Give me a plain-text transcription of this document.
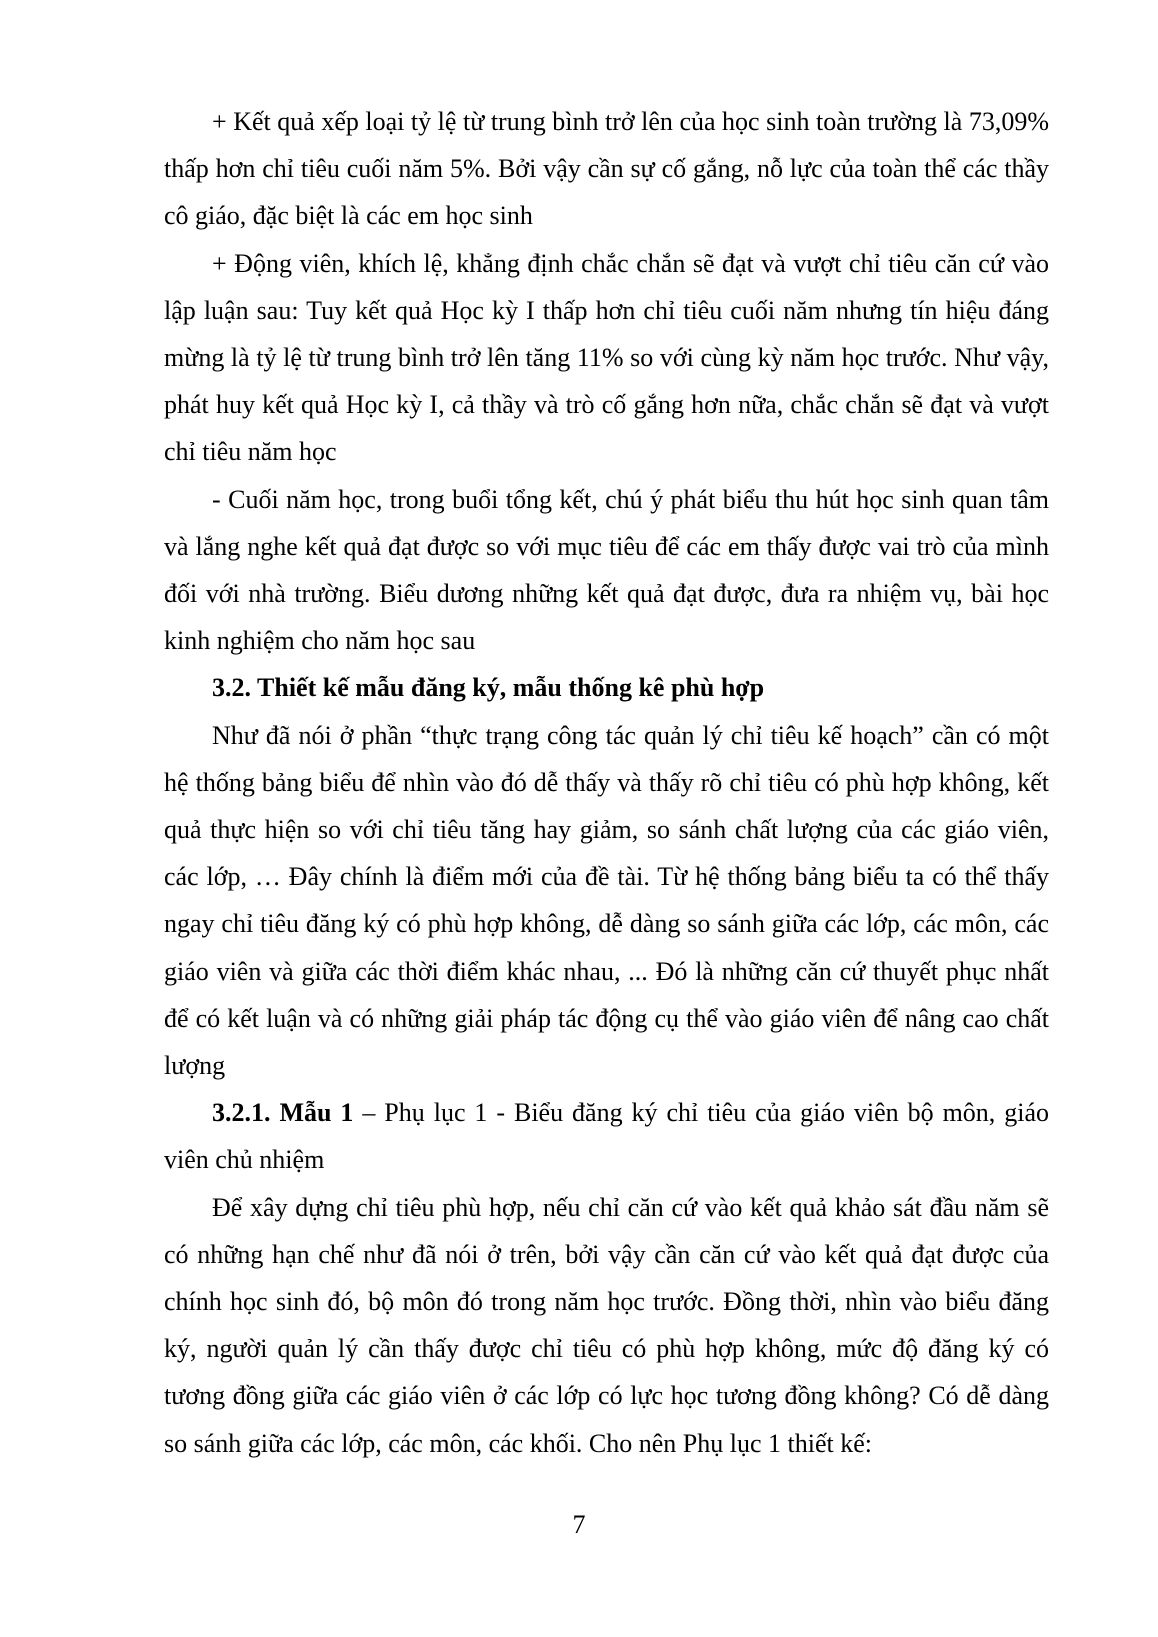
+ Kết quả xếp loại tỷ lệ từ trung bình trở lên của học sinh toàn trường là 73,09% thấp hơn chỉ tiêu cuối năm 5%. Bởi vậy cần sự cố gắng, nỗ lực của toàn thể các thầy cô giáo, đặc biệt là các em học sinh

+ Động viên, khích lệ, khẳng định chắc chắn sẽ đạt và vượt chỉ tiêu căn cứ vào lập luận sau: Tuy kết quả Học kỳ I thấp hơn chỉ tiêu cuối năm nhưng tín hiệu đáng mừng là tỷ lệ từ trung bình trở lên tăng 11% so với cùng kỳ năm học trước. Như vậy, phát huy kết quả Học kỳ I, cả thầy và trò cố gắng hơn nữa, chắc chắn sẽ đạt và vượt chỉ tiêu năm học

- Cuối năm học, trong buổi tổng kết, chú ý phát biểu thu hút học sinh quan tâm và lắng nghe kết quả đạt được so với mục tiêu để các em thấy được vai trò của mình đối với nhà trường. Biểu dương những kết quả đạt được, đưa ra nhiệm vụ, bài học kinh nghiệm cho năm học sau

3.2. Thiết kế mẫu đăng ký, mẫu thống kê phù hợp

Như đã nói ở phần “thực trạng công tác quản lý chỉ tiêu kế hoạch” cần có một hệ thống bảng biểu để nhìn vào đó dễ thấy và thấy rõ chỉ tiêu có phù hợp không, kết quả thực hiện so với chỉ tiêu tăng hay giảm, so sánh chất lượng của các giáo viên, các lớp, … Đây chính là điểm mới của đề tài. Từ hệ thống bảng biểu ta có thể thấy ngay chỉ tiêu đăng ký có phù hợp không, dễ dàng so sánh giữa các lớp, các môn, các giáo viên và giữa các thời điểm khác nhau, ... Đó là những căn cứ thuyết phục nhất để có kết luận và có những giải pháp tác động cụ thể vào giáo viên để nâng cao chất lượng

3.2.1. Mẫu 1 – Phụ lục 1 - Biểu đăng ký chỉ tiêu của giáo viên bộ môn, giáo viên chủ nhiệm

Để xây dựng chỉ tiêu phù hợp, nếu chỉ căn cứ vào kết quả khảo sát đầu năm sẽ có những hạn chế như đã nói ở trên, bởi vậy cần căn cứ vào kết quả đạt được của chính học sinh đó, bộ môn đó trong năm học trước. Đồng thời, nhìn vào biểu đăng ký, người quản lý cần thấy được chỉ tiêu có phù hợp không, mức độ đăng ký có tương đồng giữa các giáo viên ở các lớp có lực học tương đồng không? Có dễ dàng so sánh giữa các lớp, các môn, các khối. Cho nên Phụ lục 1 thiết kế:

7
